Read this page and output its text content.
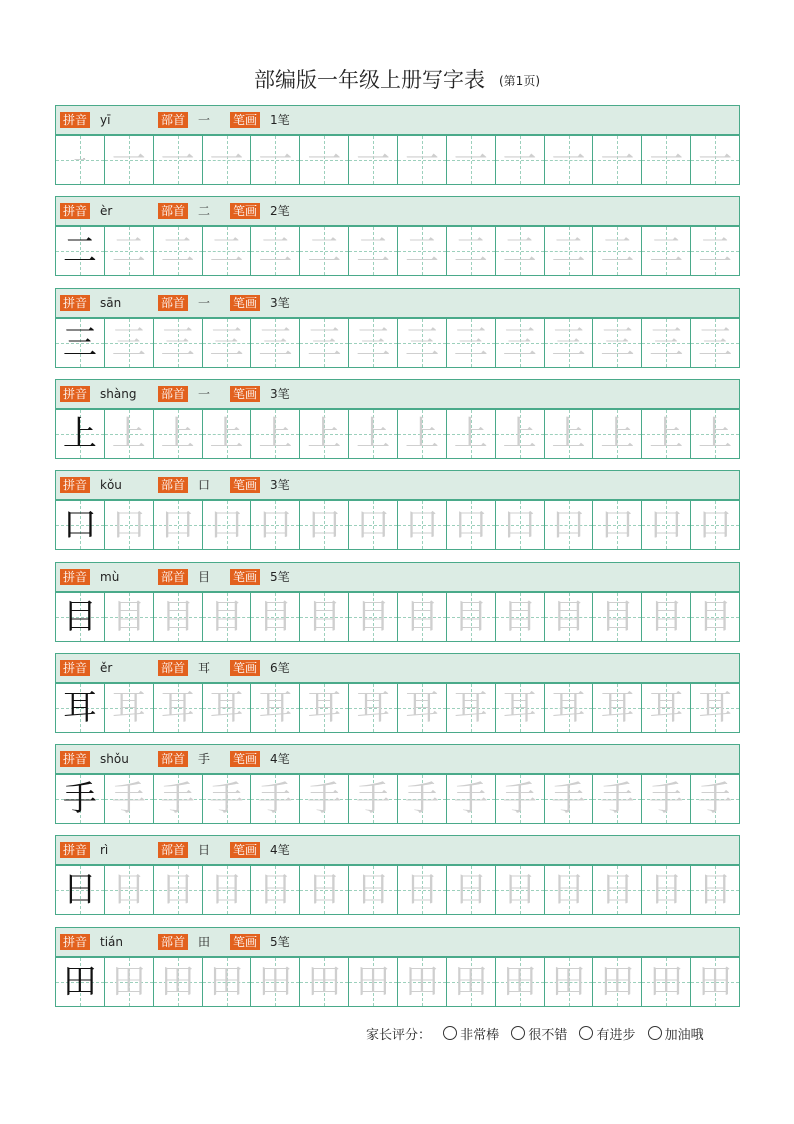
部编版一年级上册写字表 (第1页)
拼音 yī	部首 一 笔画 1笔
一 一 一 一 一 一 一 一 一 一 一 一 一 一
拼音 èr	部首 二 笔画 2笔
二 二 二 二 二 二 二 二 二 二 二 二 二 二
拼音 sān	部首 一 笔画 3笔
三 三 三 三 三 三 三 三 三 三 三 三 三 三
拼音 shàng 部首 一 笔画 3笔
上 上 上 上 上 上 上 上 上 上 上 上 上 上
拼音 kǒu	部首 口 笔画 3笔
口 口 口 口 口 口 口 口 口 口 口 口 口 口
拼音 mù	部首 目 笔画 5笔
目 目 目 目 目 目 目 目 目 目 目 目 目 目
拼音 ěr	部首 耳 笔画 6笔
耳 耳 耳 耳 耳 耳 耳 耳 耳 耳 耳 耳 耳 耳
拼音 shǒu	部首 手 笔画 4笔
手 手 手 手 手 手 手 手 手 手 手 手 手 手
拼音 rì	部首 日 笔画 4笔
日 日 日 日 日 日 日 日 日 日 日 日 日 日
拼音 tián	部首 田 笔画 5笔
田 田 田 田 田 田 田 田 田 田 田 田 田 田
家长评分： 非常棒 很不错 有进步 加油哦
